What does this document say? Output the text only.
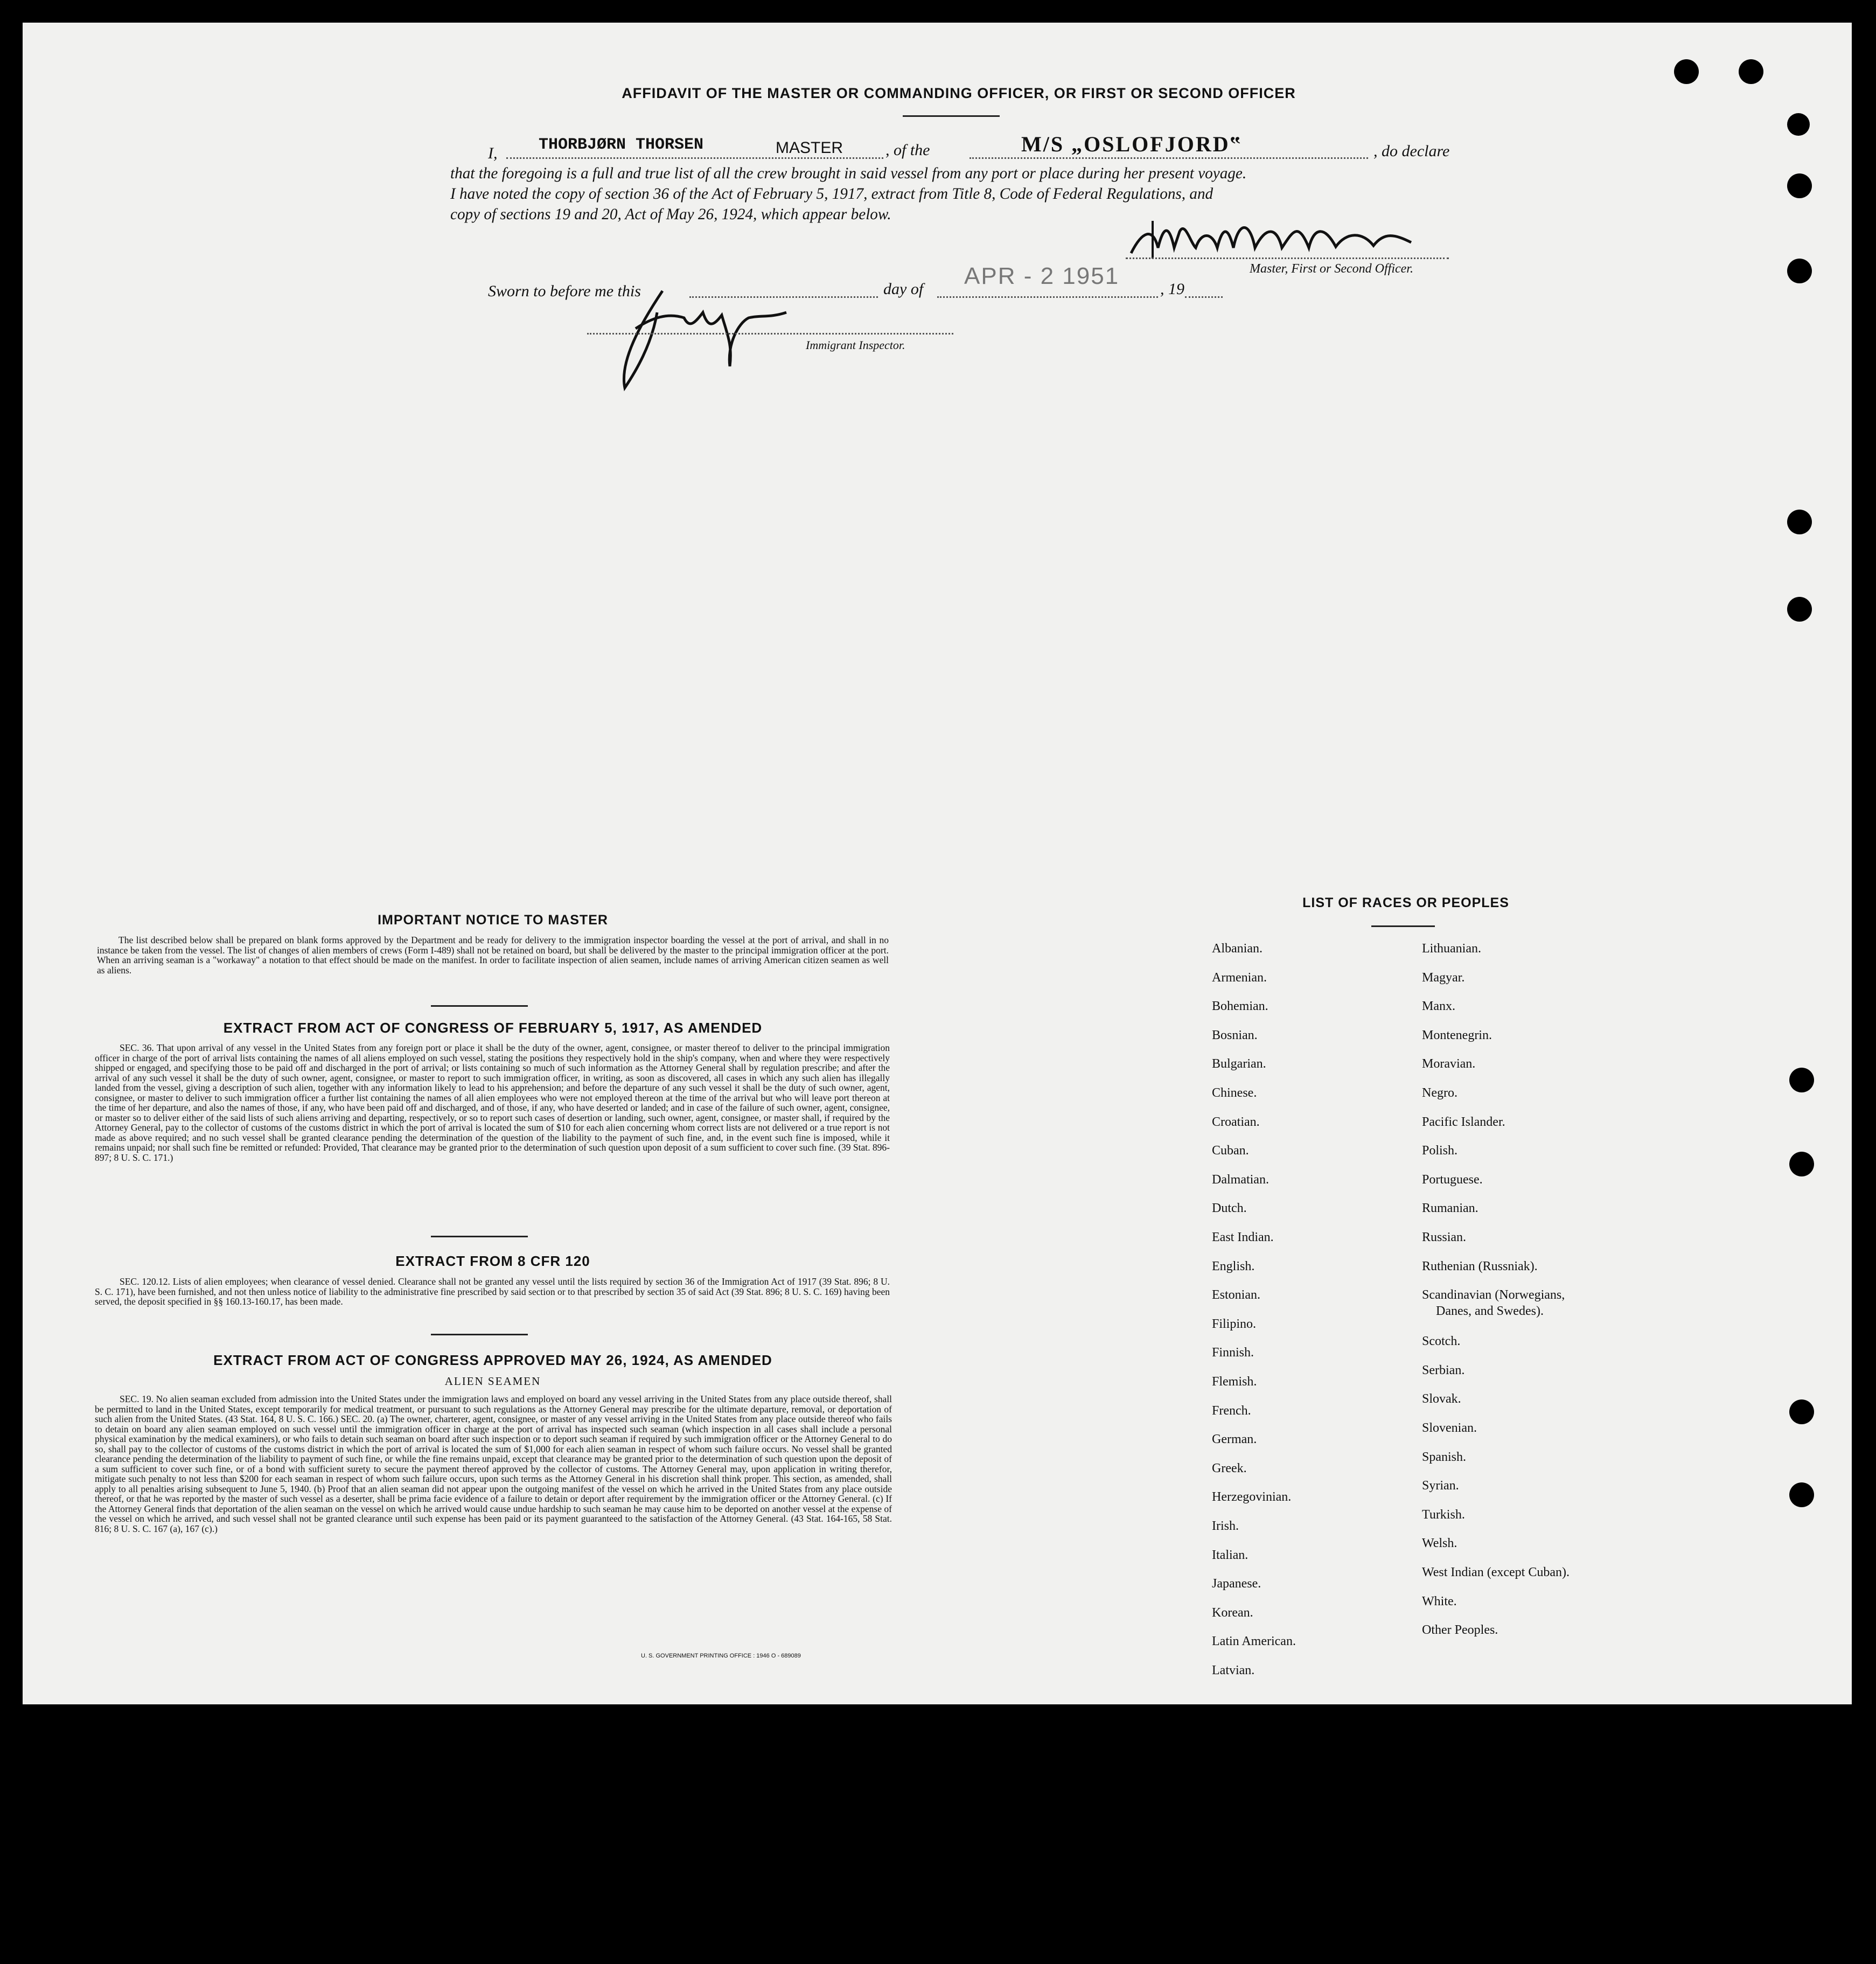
AFFIDAVIT OF THE MASTER OR COMMANDING OFFICER, OR FIRST OR SECOND OFFICER
I,	THORBJØRN THORSEN	MASTER	, of the	M/S „OSLOFJORD‟	, do declare
that the foregoing is a full and true list of all the crew brought in said vessel from any port or place during her present voyage.
I have noted the copy of section 36 of the Act of February 5, 1917, extract from Title 8, Code of Federal Regulations, and
copy of sections 19 and 20, Act of May 26, 1924, which appear below.
Master, First or Second Officer.
Sworn to before me this	day of APR - 2 1951	, 19
Immigrant Inspector.
IMPORTANT NOTICE TO MASTER
The list described below shall be prepared on blank forms approved by the Department and be ready for delivery to the immigration inspector boarding the vessel at the port of arrival, and shall in no instance be taken from the vessel. The list of changes of alien members of crews (Form I-489) shall not be retained on board, but shall be delivered by the master to the principal immigration officer at the port. When an arriving seaman is a "workaway" a notation to that effect should be made on the manifest. In order to facilitate inspection of alien seamen, include names of arriving American citizen seamen as well as aliens.
EXTRACT FROM ACT OF CONGRESS OF FEBRUARY 5, 1917, AS AMENDED
SEC. 36. That upon arrival of any vessel in the United States from any foreign port or place it shall be the duty of the owner, agent, consignee, or master thereof to deliver to the principal immigration officer in charge of the port of arrival lists containing the names of all aliens employed on such vessel, stating the positions they respectively hold in the ship's company, when and where they were respectively shipped or engaged, and specifying those to be paid off and discharged in the port of arrival; or lists containing so much of such information as the Attorney General shall by regulation prescribe; and after the arrival of any such vessel it shall be the duty of such owner, agent, consignee, or master to report to such immigration officer, in writing, as soon as discovered, all cases in which any such alien has illegally landed from the vessel, giving a description of such alien, together with any information likely to lead to his apprehension; and before the departure of any such vessel it shall be the duty of such owner, agent, consignee, or master to deliver to such immigration officer a further list containing the names of all alien employees who were not employed thereon at the time of the arrival but who will leave port thereon at the time of her departure, and also the names of those, if any, who have been paid off and discharged, and of those, if any, who have deserted or landed; and in case of the failure of such owner, agent, consignee, or master so to deliver either of the said lists of such aliens arriving and departing, respectively, or so to report such cases of desertion or landing, such owner, agent, consignee, or master shall, if required by the Attorney General, pay to the collector of customs of the customs district in which the port of arrival is located the sum of $10 for each alien concerning whom correct lists are not delivered or a true report is not made as above required; and no such vessel shall be granted clearance pending the determination of the question of the liability to the payment of such fine, and, in the event such fine is imposed, while it remains unpaid; nor shall such fine be remitted or refunded: Provided, That clearance may be granted prior to the determination of such question upon deposit of a sum sufficient to cover such fine. (39 Stat. 896-897; 8 U. S. C. 171.)
EXTRACT FROM 8 CFR 120
SEC. 120.12. Lists of alien employees; when clearance of vessel denied. Clearance shall not be granted any vessel until the lists required by section 36 of the Immigration Act of 1917 (39 Stat. 896; 8 U. S. C. 171), have been furnished, and not then unless notice of liability to the administrative fine prescribed by said section or to that prescribed by section 35 of said Act (39 Stat. 896; 8 U. S. C. 169) having been served, the deposit specified in §§ 160.13-160.17, has been made.
EXTRACT FROM ACT OF CONGRESS APPROVED MAY 26, 1924, AS AMENDED
ALIEN SEAMEN
SEC. 19. No alien seaman excluded from admission into the United States under the immigration laws and employed on board any vessel arriving in the United States from any place outside thereof, shall be permitted to land in the United States, except temporarily for medical treatment, or pursuant to such regulations as the Attorney General may prescribe for the ultimate departure, removal, or deportation of such alien from the United States. (43 Stat. 164, 8 U. S. C. 166.) SEC. 20. (a) The owner, charterer, agent, consignee, or master of any vessel arriving in the United States from any place outside thereof who fails to detain on board any alien seaman employed on such vessel until the immigration officer in charge at the port of arrival has inspected such seaman (which inspection in all cases shall include a personal physical examination by the medical examiners), or who fails to detain such seaman on board after such inspection or to deport such seaman if required by such immigration officer or the Attorney General to do so, shall pay to the collector of customs of the customs district in which the port of arrival is located the sum of $1,000 for each alien seaman in respect of whom such failure occurs. No vessel shall be granted clearance pending the determination of the liability to payment of such fine, or while the fine remains unpaid, except that clearance may be granted prior to the determination of such question upon the deposit of a sum sufficient to cover such fine, or of a bond with sufficient surety to secure the payment thereof approved by the collector of customs. The Attorney General may, upon application in writing therefor, mitigate such penalty to not less than $200 for each seaman in respect of whom such failure occurs, upon such terms as the Attorney General in his discretion shall think proper. This section, as amended, shall apply to all penalties arising subsequent to June 5, 1940. (b) Proof that an alien seaman did not appear upon the outgoing manifest of the vessel on which he arrived in the United States from any place outside thereof, or that he was reported by the master of such vessel as a deserter, shall be prima facie evidence of a failure to detain or deport after requirement by the immigration officer or the Attorney General. (c) If the Attorney General finds that deportation of the alien seaman on the vessel on which he arrived would cause undue hardship to such seaman he may cause him to be deported on another vessel at the expense of the vessel on which he arrived, and such vessel shall not be granted clearance until such expense has been paid or its payment guaranteed to the satisfaction of the Attorney General. (43 Stat. 164-165, 58 Stat. 816; 8 U. S. C. 167 (a), 167 (c).)
U. S. GOVERNMENT PRINTING OFFICE : 1946 O - 689089
LIST OF RACES OR PEOPLES
Albanian.
Armenian.
Bohemian.
Bosnian.
Bulgarian.
Chinese.
Croatian.
Cuban.
Dalmatian.
Dutch.
East Indian.
English.
Estonian.
Filipino.
Finnish.
Flemish.
French.
German.
Greek.
Herzegovinian.
Irish.
Italian.
Japanese.
Korean.
Latin American.
Latvian.
Lithuanian.
Magyar.
Manx.
Montenegrin.
Moravian.
Negro.
Pacific Islander.
Polish.
Portuguese.
Rumanian.
Russian.
Ruthenian (Russniak).
Scandinavian (Norwegians,
Danes, and Swedes).
Scotch.
Serbian.
Slovak.
Slovenian.
Spanish.
Syrian.
Turkish.
Welsh.
West Indian (except Cuban).
White.
Other Peoples.
